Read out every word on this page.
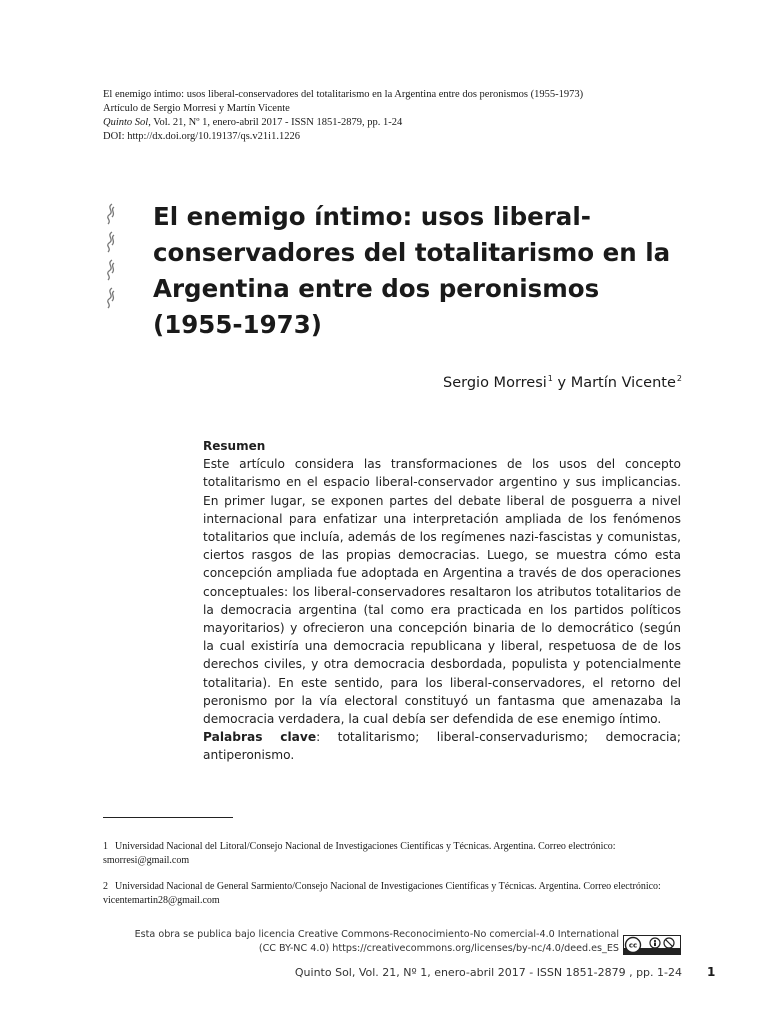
El enemigo íntimo: usos liberal-conservadores del totalitarismo en la Argentina entre dos peronismos (1955-1973)
Artículo de Sergio Morresi y Martín Vicente
Quinto Sol, Vol. 21, Nº 1, enero-abril 2017 - ISSN 1851-2879, pp. 1-24
DOI: http://dx.doi.org/10.19137/qs.v21i1.1226
El enemigo íntimo: usos liberal-conservadores del totalitarismo en la Argentina entre dos peronismos (1955-1973)
Sergio Morresi$^1$ y Martín Vicente$^2$
Resumen
Este artículo considera las transformaciones de los usos del concepto totalitarismo en el espacio liberal-conservador argentino y sus implicancias. En primer lugar, se exponen partes del debate liberal de posguerra a nivel internacional para enfatizar una interpretación ampliada de los fenómenos totalitarios que incluía, además de los regímenes nazi-fascistas y comunistas, ciertos rasgos de las propias democracias. Luego, se muestra cómo esta concepción ampliada fue adoptada en Argentina a través de dos operaciones conceptuales: los liberal-conservadores resaltaron los atributos totalitarios de la democracia argentina (tal como era practicada en los partidos políticos mayoritarios) y ofrecieron una concepción binaria de lo democrático (según la cual existiría una democracia republicana y liberal, respetuosa de de los derechos civiles, y otra democracia desbordada, populista y potencialmente totalitaria). En este sentido, para los liberal-conservadores, el retorno del peronismo por la vía electoral constituyó un fantasma que amenazaba la democracia verdadera, la cual debía ser defendida de ese enemigo íntimo.
Palabras clave: totalitarismo; liberal-conservadurismo; democracia; antiperonismo.
1 Universidad Nacional del Litoral/Consejo Nacional de Investigaciones Científicas y Técnicas. Argentina. Correo electrónico: smorresi@gmail.com
2 Universidad Nacional de General Sarmiento/Consejo Nacional de Investigaciones Científicas y Técnicas. Argentina. Correo electrónico: vicentemartin28@gmail.com
Esta obra se publica bajo licencia Creative Commons-Reconocimiento-No comercial-4.0 International
(CC BY-NC 4.0) https://creativecommons.org/licenses/by-nc/4.0/deed.es_ES cc
Quinto Sol, Vol. 21, Nº 1, enero-abril 2017 - ISSN 1851-2879 , pp. 1-24 1
